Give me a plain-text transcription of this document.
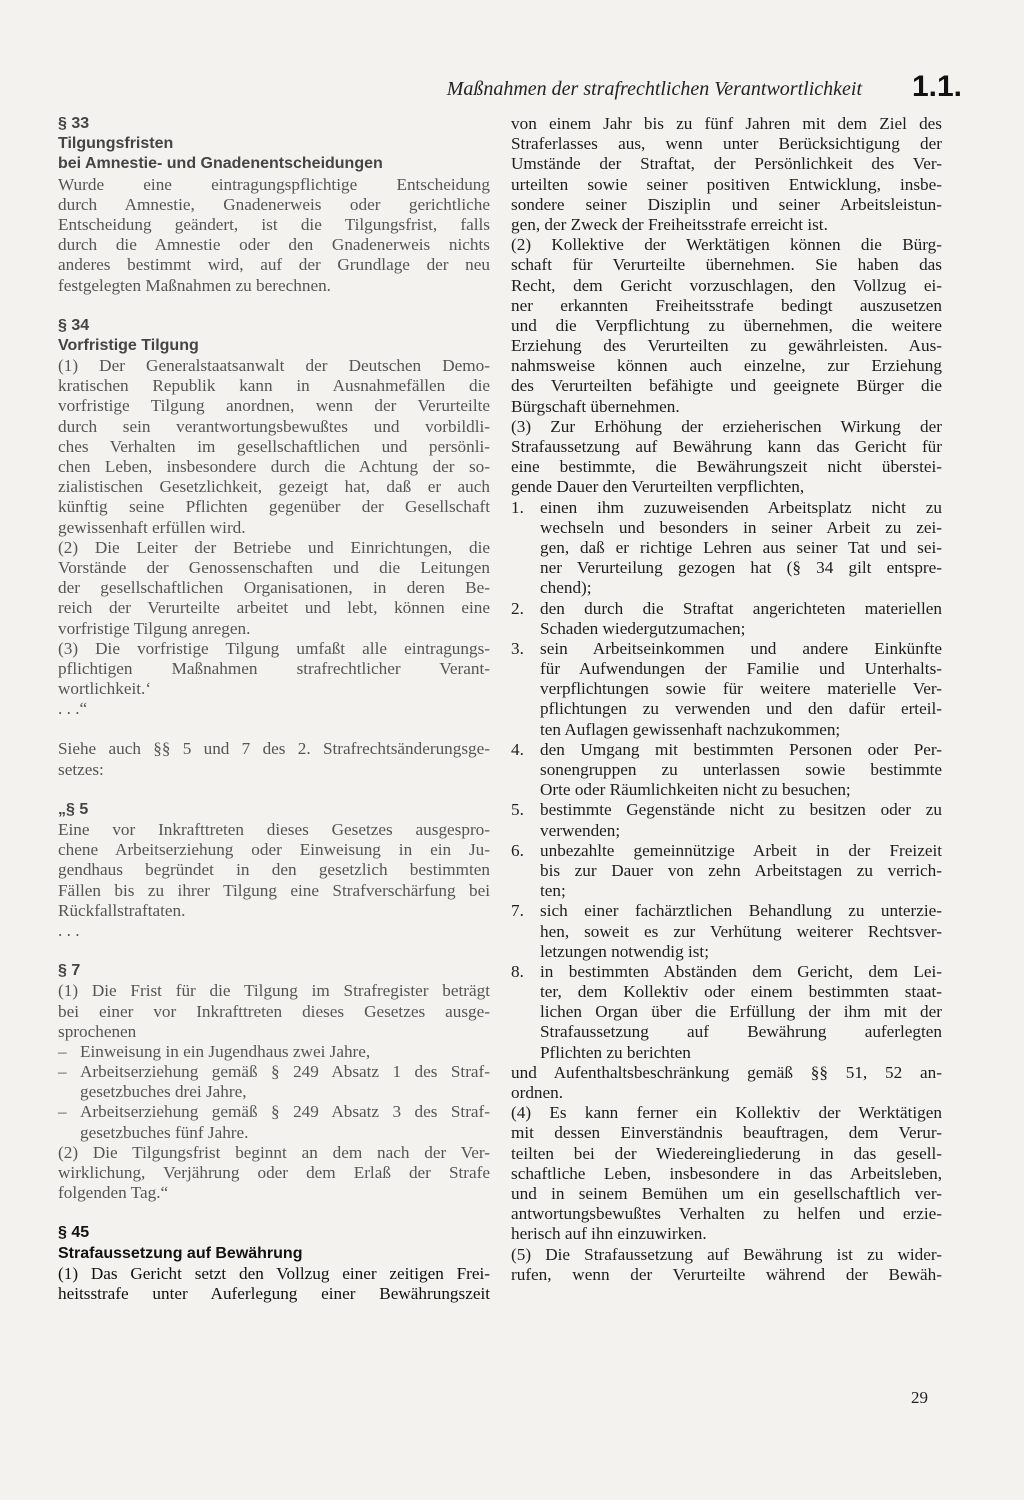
Maßnahmen der strafrechtlichen Verantwortlichkeit 1.1.
§ 33
Tilgungsfristen
bei Amnestie- und Gnadenentscheidungen
Wurde eine eintragungspflichtige Entscheidung
durch Amnestie, Gnadenerweis oder gerichtliche
Entscheidung geändert, ist die Tilgungsfrist, falls
durch die Amnestie oder den Gnadenerweis nichts
anderes bestimmt wird, auf der Grundlage der neu
festgelegten Maßnahmen zu berechnen.
§ 34
Vorfristige Tilgung
(1) Der Generalstaatsanwalt der Deutschen Demo-
kratischen Republik kann in Ausnahmefällen die
vorfristige Tilgung anordnen, wenn der Verurteilte
durch sein verantwortungsbewußtes und vorbildli-
ches Verhalten im gesellschaftlichen und persönli-
chen Leben, insbesondere durch die Achtung der so-
zialistischen Gesetzlichkeit, gezeigt hat, daß er auch
künftig seine Pflichten gegenüber der Gesellschaft
gewissenhaft erfüllen wird.
(2) Die Leiter der Betriebe und Einrichtungen, die
Vorstände der Genossenschaften und die Leitungen
der gesellschaftlichen Organisationen, in deren Be-
reich der Verurteilte arbeitet und lebt, können eine
vorfristige Tilgung anregen.
(3) Die vorfristige Tilgung umfaßt alle eintragungs-
pflichtigen Maßnahmen strafrechtlicher Verant-
wortlichkeit.‘
. . .“
Siehe auch §§ 5 und 7 des 2. Strafrechtsänderungsge-
setzes:
„§ 5
Eine vor Inkrafttreten dieses Gesetzes ausgespro-
chene Arbeitserziehung oder Einweisung in ein Ju-
gendhaus begründet in den gesetzlich bestimmten
Fällen bis zu ihrer Tilgung eine Strafverschärfung bei
Rückfallstraftaten.
. . .
§ 7
(1) Die Frist für die Tilgung im Strafregister beträgt
bei einer vor Inkrafttreten dieses Gesetzes ausge-
sprochenen
– Einweisung in ein Jugendhaus zwei Jahre,
– Arbeitserziehung gemäß § 249 Absatz 1 des Straf-
gesetzbuches drei Jahre,
– Arbeitserziehung gemäß § 249 Absatz 3 des Straf-
gesetzbuches fünf Jahre.
(2) Die Tilgungsfrist beginnt an dem nach der Ver-
wirklichung, Verjährung oder dem Erlaß der Strafe
folgenden Tag.“
§ 45
Strafaussetzung auf Bewährung
(1) Das Gericht setzt den Vollzug einer zeitigen Frei-
heitsstrafe unter Auferlegung einer Bewährungszeit
von einem Jahr bis zu fünf Jahren mit dem Ziel des
Straferlasses aus, wenn unter Berücksichtigung der
Umstände der Straftat, der Persönlichkeit des Ver-
urteilten sowie seiner positiven Entwicklung, insbe-
sondere seiner Disziplin und seiner Arbeitsleistun-
gen, der Zweck der Freiheitsstrafe erreicht ist.
(2) Kollektive der Werktätigen können die Bürg-
schaft für Verurteilte übernehmen. Sie haben das
Recht, dem Gericht vorzuschlagen, den Vollzug ei-
ner erkannten Freiheitsstrafe bedingt auszusetzen
und die Verpflichtung zu übernehmen, die weitere
Erziehung des Verurteilten zu gewährleisten. Aus-
nahmsweise können auch einzelne, zur Erziehung
des Verurteilten befähigte und geeignete Bürger die
Bürgschaft übernehmen.
(3) Zur Erhöhung der erzieherischen Wirkung der
Strafaussetzung auf Bewährung kann das Gericht für
eine bestimmte, die Bewährungszeit nicht überstei-
gende Dauer den Verurteilten verpflichten,
1. einen ihm zuzuweisenden Arbeitsplatz nicht zu
wechseln und besonders in seiner Arbeit zu zei-
gen, daß er richtige Lehren aus seiner Tat und sei-
ner Verurteilung gezogen hat (§ 34 gilt entspre-
chend);
2. den durch die Straftat angerichteten materiellen
Schaden wiedergutzumachen;
3. sein Arbeitseinkommen und andere Einkünfte
für Aufwendungen der Familie und Unterhalts-
verpflichtungen sowie für weitere materielle Ver-
pflichtungen zu verwenden und den dafür erteil-
ten Auflagen gewissenhaft nachzukommen;
4. den Umgang mit bestimmten Personen oder Per-
sonengruppen zu unterlassen sowie bestimmte
Orte oder Räumlichkeiten nicht zu besuchen;
5. bestimmte Gegenstände nicht zu besitzen oder zu
verwenden;
6. unbezahlte gemeinnützige Arbeit in der Freizeit
bis zur Dauer von zehn Arbeitstagen zu verrich-
ten;
7. sich einer fachärztlichen Behandlung zu unterzie-
hen, soweit es zur Verhütung weiterer Rechtsver-
letzungen notwendig ist;
8. in bestimmten Abständen dem Gericht, dem Lei-
ter, dem Kollektiv oder einem bestimmten staat-
lichen Organ über die Erfüllung der ihm mit der
Strafaussetzung auf Bewährung auferlegten
Pflichten zu berichten
und Aufenthaltsbeschränkung gemäß §§ 51, 52 an-
ordnen.
(4) Es kann ferner ein Kollektiv der Werktätigen
mit dessen Einverständnis beauftragen, dem Verur-
teilten bei der Wiedereingliederung in das gesell-
schaftliche Leben, insbesondere in das Arbeitsleben,
und in seinem Bemühen um ein gesellschaftlich ver-
antwortungsbewußtes Verhalten zu helfen und erzie-
herisch auf ihn einzuwirken.
(5) Die Strafaussetzung auf Bewährung ist zu wider-
rufen, wenn der Verurteilte während der Bewäh-
29
